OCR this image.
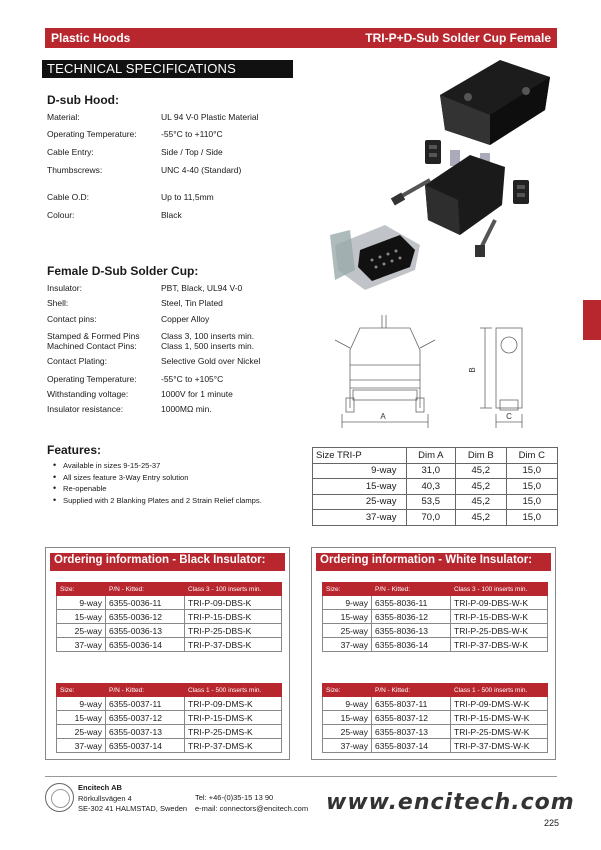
Plastic Hoods	TRI-P+D-Sub Solder Cup Female
TECHNICAL SPECIFICATIONS
D-sub Hood:
Material:	UL 94 V-0 Plastic Material
Operating Temperature:	-55°C to +110°C
Cable Entry:	Side / Top / Side
Thumbscrews:	UNC 4-40 (Standard)
Cable O.D:	Up to 11,5mm
Colour:	Black
Female D-Sub Solder Cup:
Insulator:	PBT, Black, UL94 V-0
Shell:	Steel, Tin Plated
Contact pins:	Copper Alloy
Stamped & Formed Pins	Class 3, 100 inserts min.
Machined Contact Pins:	Class 1, 500 inserts min.
Contact Plating:	Selective Gold over Nickel
Operating Temperature:	-55°C to +105°C
Withstanding voltage:	1000V for 1 minute
Insulator resistance:	1000MΩ min.
A
B
C
Features:
• Available in sizes 9-15-25-37
• All sizes feature 3-Way Entry solution
• Re-openable
• Supplied with 2 Blanking Plates and 2 Strain Relief clamps.
Size TRI-P	Dim A	Dim B	Dim C
9-way	31,0	45,2	15,0
15-way	40,3	45,2	15,0
25-way	53,5	45,2	15,0
37-way	70,0	45,2	15,0
Ordering information - Black Insulator:
Size:	P/N - Kitted:	Class 3 - 100 inserts min.
9-way	6355-0036-11	TRI-P-09-DBS-K
15-way	6355-0036-12	TRI-P-15-DBS-K
25-way	6355-0036-13	TRI-P-25-DBS-K
37-way	6355-0036-14	TRI-P-37-DBS-K
Size:	P/N - Kitted:	Class 1 - 500 inserts min.
9-way	6355-0037-11	TRI-P-09-DMS-K
15-way	6355-0037-12	TRI-P-15-DMS-K
25-way	6355-0037-13	TRI-P-25-DMS-K
37-way	6355-0037-14	TRI-P-37-DMS-K
Ordering information - White Insulator:
Size:	P/N - Kitted:	Class 3 - 100 inserts min.
9-way	6355-8036-11	TRI-P-09-DBS-W-K
15-way	6355-8036-12	TRI-P-15-DBS-W-K
25-way	6355-8036-13	TRI-P-25-DBS-W-K
37-way	6355-8036-14	TRI-P-37-DBS-W-K
Size:	P/N - Kitted:	Class 1 - 500 inserts min.
9-way	6355-8037-11	TRI-P-09-DMS-W-K
15-way	6355-8037-12	TRI-P-15-DMS-W-K
25-way	6355-8037-13	TRI-P-25-DMS-W-K
37-way	6355-8037-14	TRI-P-37-DMS-W-K
Encitech AB
Rörkullsvägen 4
SE-302 41 HALMSTAD, Sweden
Tel: +46-(0)35-15 13 90
e-mail: connectors@encitech.com www.encitech.com
225
